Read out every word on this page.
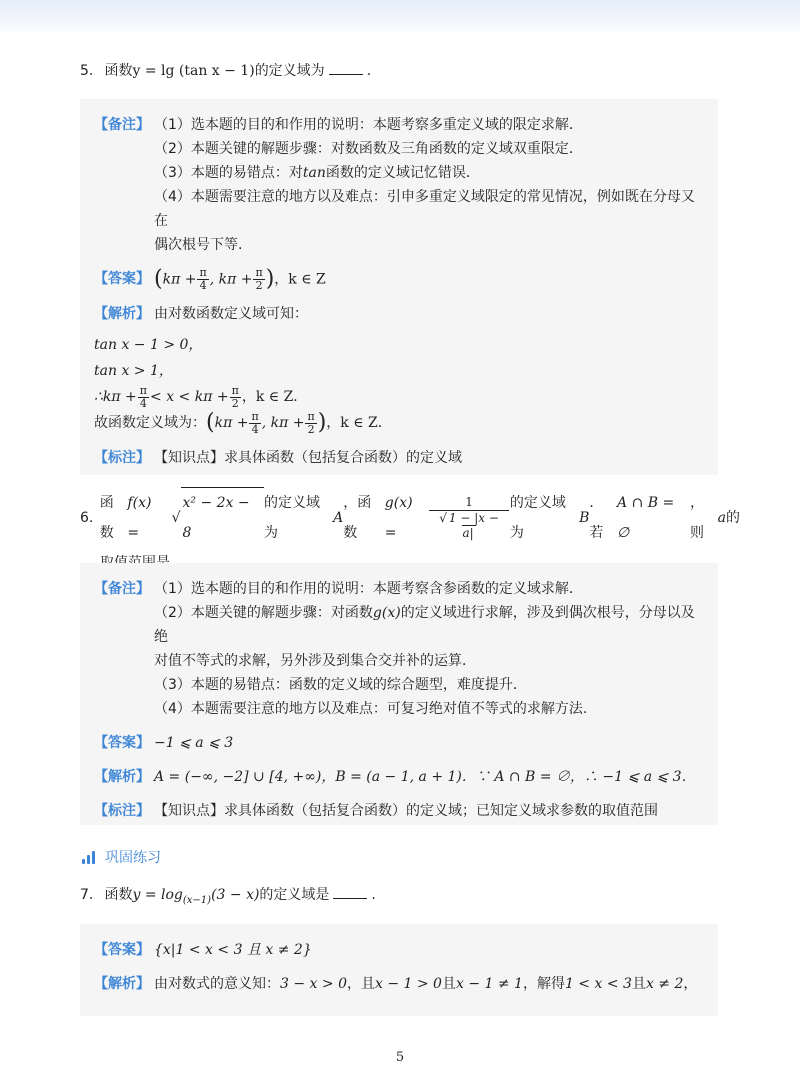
5. 函数y = lg (tan x − 1)的定义域为	.
【备注】 （1）选本题的目的和作用的说明：本题考察多重定义域的限定求解．
（2）本题关键的解题步骤：对数函数及三角函数的定义域双重限定．
（3）本题的易错点：对tan函数的定义域记忆错误．
（4）本题需要注意的地方以及难点：引申多重定义域限定的常见情况，例如既在分母又在
偶次根号下等.
【答案】 ($k\pi + \frac{\pi}{4}$ , $k\pi + \frac{\pi}{2}$ )，k ∈ Z
【解析】 由对数函数定义域可知：
tan x − 1 > 0，
tan x > 1，
∴kπ + $\frac{\pi}{4} < x < k\pi + \frac{\pi}{2}$ ，k ∈ Z．
故函数定义域为：($k\pi + \frac{\pi}{4}$ , $k\pi + \frac{\pi}{2}$ )，k ∈ Z．
【标注】 【知识点】求具体函数（包括复合函数）的定义域
6.
函数
f(x) =
√
x² − 2x − 8
的定义域为
A
，函数
g(x) =	$\frac{1}{√ 1 - |x - a|}$ 的定义域为
B
．若
A ∩ B = ∅
，则
a 的
【备注】 （1）选本题的目的和作用的说明：本题考察含参函数的定义域求解．
（2）本题关键的解题步骤：对函数g(x)的定义域进行求解，涉及到偶次根号，分母以及绝
对值不等式的求解，另外涉及到集合交并补的运算．
（3）本题的易错点：函数的定义域的综合题型，难度提升．
（4）本题需要注意的地方以及难点：可复习绝对值不等式的求解方法.
【答案】 −1 ⩽ a ⩽ 3
【解析】 A = (−∞, −2] ∪ [4, +∞)，B = (a − 1, a + 1)．∵ A ∩ B = ∅，∴ −1 ⩽ a ⩽ 3．
【标注】 【知识点】求具体函数（包括复合函数）的定义域；已知定义域求参数的取值范围
巩固练习
7. 函数$y = \log_{(x-1)}(3 - x)$的定义域是	.
【答案】 {x|1 < x < 3 且 x ≠ 2}
【解析】 由对数式的意义知：3 − x > 0，且x − 1 > 0且x − 1 ≠ 1，解得1 < x < 3且x ≠ 2，
5
